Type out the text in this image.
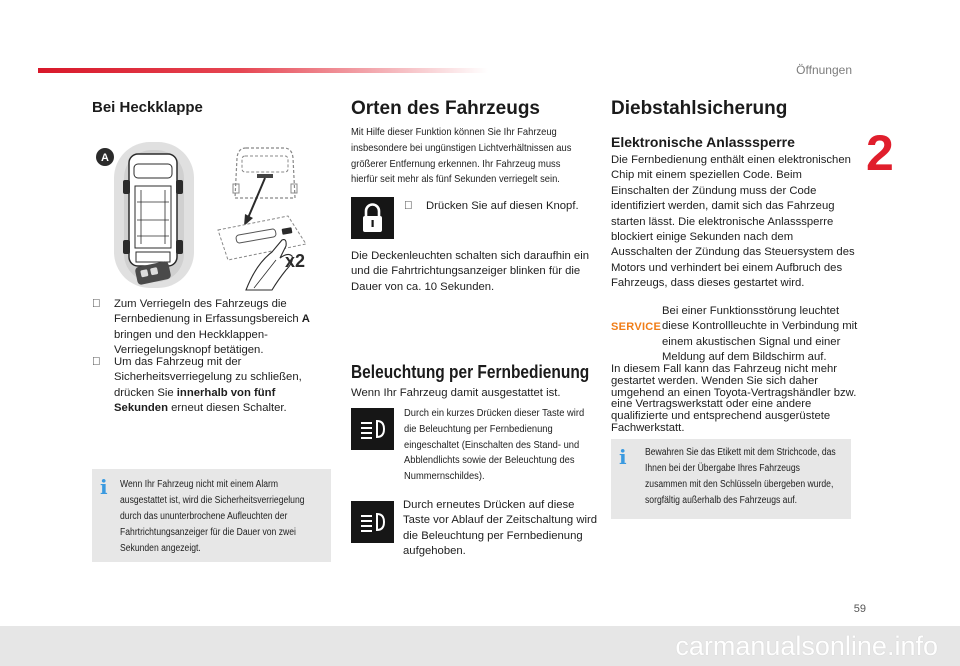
Öffnungen
2
Bei Heckklappe
A
x2
Zum Verriegeln des Fahrzeugs die Fernbedienung in Erfassungsbereich A bringen und den Heckklappen-Verriegelungsknopf betätigen.
Um das Fahrzeug mit der Sicherheitsverriegelung zu schließen, drücken Sie innerhalb von fünf Sekunden erneut diesen Schalter.
i Wenn Ihr Fahrzeug nicht mit einem Alarm ausgestattet ist, wird die Sicherheitsverriegelung durch das ununterbrochene Aufleuchten der Fahrtrichtungsanzeiger für die Dauer von zwei Sekunden angezeigt.
Orten des Fahrzeugs
Mit Hilfe dieser Funktion können Sie Ihr Fahrzeug insbesondere bei ungünstigen Lichtverhältnissen aus größerer Entfernung erkennen. Ihr Fahrzeug muss hierfür seit mehr als fünf Sekunden verriegelt sein.
Drücken Sie auf diesen Knopf.
Die Deckenleuchten schalten sich daraufhin ein und die Fahrtrichtungsanzeiger blinken für die Dauer von ca. 10 Sekunden.
Beleuchtung per Fernbedienung
Wenn Ihr Fahrzeug damit ausgestattet ist.
Durch ein kurzes Drücken dieser Taste wird die Beleuchtung per Fernbedienung eingeschaltet (Einschalten des Stand- und Abblendlichts sowie der Beleuchtung des Nummernschildes).
Durch erneutes Drücken auf diese Taste vor Ablauf der Zeitschaltung wird die Beleuchtung per Fernbedienung aufgehoben.
Diebstahlsicherung
Elektronische Anlasssperre
Die Fernbedienung enthält einen elektronischen Chip mit einem speziellen Code. Beim Einschalten der Zündung muss der Code identifiziert werden, damit sich das Fahrzeug starten lässt. Die elektronische Anlasssperre blockiert einige Sekunden nach dem Ausschalten der Zündung das Steuersystem des Motors und verhindert bei einem Aufbruch des Fahrzeugs, dass dieses gestartet wird.
SERVICE
Bei einer Funktionsstörung leuchtet diese Kontrollleuchte in Verbindung mit einem akustischen Signal und einer Meldung auf dem Bildschirm auf.
In diesem Fall kann das Fahrzeug nicht mehr gestartet werden. Wenden Sie sich daher umgehend an einen Toyota-Vertragshändler bzw. eine Vertragswerkstatt oder eine andere qualifizierte und entsprechend ausgerüstete Fachwerkstatt.
i Bewahren Sie das Etikett mit dem Strichcode, das Ihnen bei der Übergabe Ihres Fahrzeugs zusammen mit den Schlüsseln übergeben wurde, sorgfältig außerhalb des Fahrzeugs auf.
59
carmanualsonline.info
